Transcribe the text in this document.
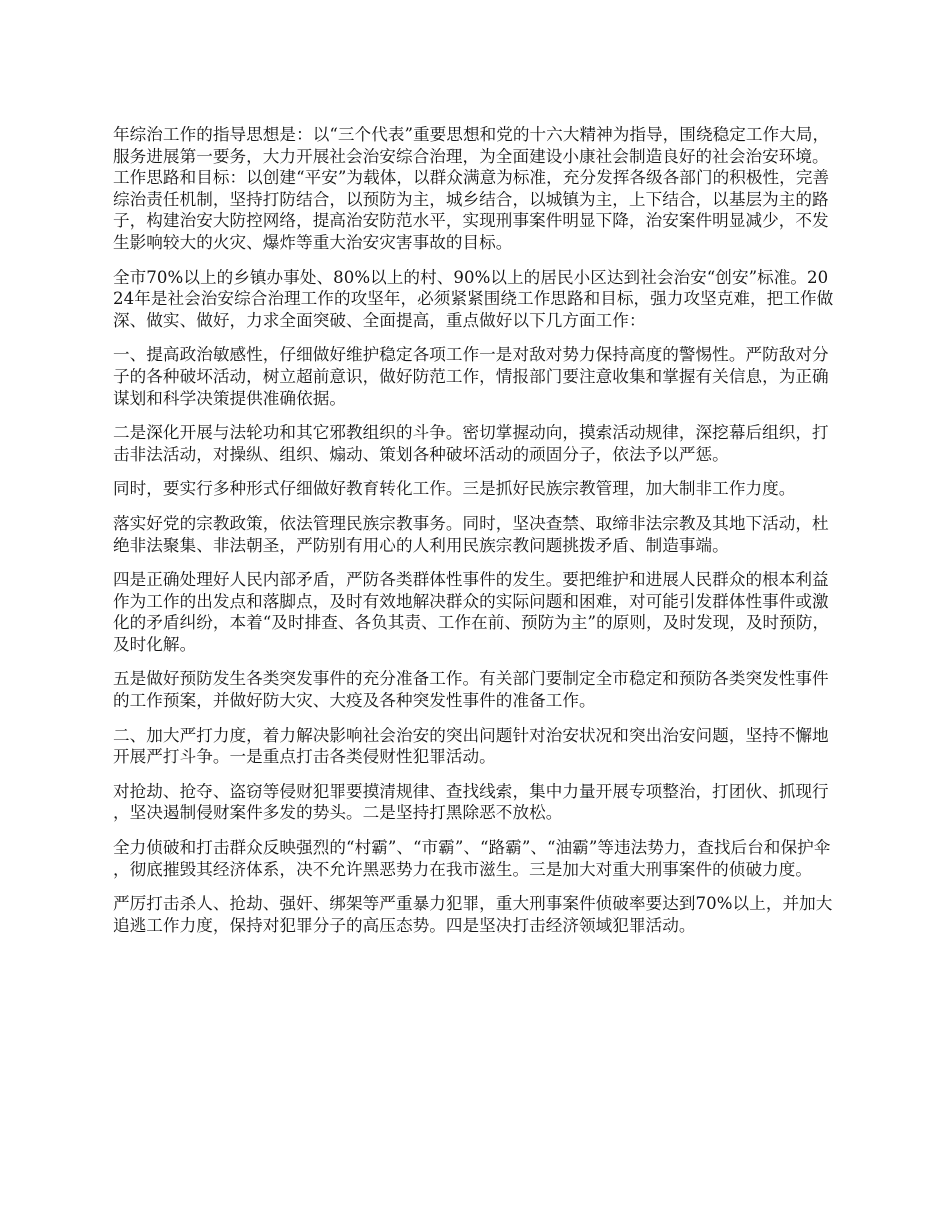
年综治工作的指导思想是：以“三个代表”重要思想和党的十六大精神为指导，围绕稳定工作大局，服务进展第一要务，大力开展社会治安综合治理，为全面建设小康社会制造良好的社会治安环境。工作思路和目标：以创建“平安”为载体，以群众满意为标准，充分发挥各级各部门的积极性，完善综治责任机制，坚持打防结合，以预防为主，城乡结合，以城镇为主，上下结合，以基层为主的路子，构建治安大防控网络，提高治安防范水平，实现刑事案件明显下降，治安案件明显减少，不发生影响较大的火灾、爆炸等重大治安灾害事故的目标。

全市70%以上的乡镇办事处、80%以上的村、90%以上的居民小区达到社会治安“创安”标准。2024年是社会治安综合治理工作的攻坚年，必须紧紧围绕工作思路和目标，强力攻坚克难，把工作做深、做实、做好，力求全面突破、全面提高，重点做好以下几方面工作：

一、提高政治敏感性，仔细做好维护稳定各项工作一是对敌对势力保持高度的警惕性。严防敌对分子的各种破坏活动，树立超前意识，做好防范工作，情报部门要注意收集和掌握有关信息，为正确谋划和科学决策提供准确依据。

二是深化开展与法轮功和其它邪教组织的斗争。密切掌握动向，摸索活动规律，深挖幕后组织，打击非法活动，对操纵、组织、煽动、策划各种破坏活动的顽固分子，依法予以严惩。

同时，要实行多种形式仔细做好教育转化工作。三是抓好民族宗教管理，加大制非工作力度。

落实好党的宗教政策，依法管理民族宗教事务。同时，坚决查禁、取缔非法宗教及其地下活动，杜绝非法聚集、非法朝圣，严防别有用心的人利用民族宗教问题挑拨矛盾、制造事端。

四是正确处理好人民内部矛盾，严防各类群体性事件的发生。要把维护和进展人民群众的根本利益作为工作的出发点和落脚点，及时有效地解决群众的实际问题和困难，对可能引发群体性事件或激化的矛盾纠纷，本着“及时排查、各负其责、工作在前、预防为主”的原则，及时发现，及时预防，及时化解。

五是做好预防发生各类突发事件的充分准备工作。有关部门要制定全市稳定和预防各类突发性事件的工作预案，并做好防大灾、大疫及各种突发性事件的准备工作。

二、加大严打力度，着力解决影响社会治安的突出问题针对治安状况和突出治安问题，坚持不懈地开展严打斗争。一是重点打击各类侵财性犯罪活动。

对抢劫、抢夺、盗窃等侵财犯罪要摸清规律、查找线索，集中力量开展专项整治，打团伙、抓现行，坚决遏制侵财案件多发的势头。二是坚持打黑除恶不放松。

全力侦破和打击群众反映强烈的“村霸”、“市霸”、“路霸”、“油霸”等违法势力，查找后台和保护伞，彻底摧毁其经济体系，决不允许黑恶势力在我市滋生。三是加大对重大刑事案件的侦破力度。

严厉打击杀人、抢劫、强奸、绑架等严重暴力犯罪，重大刑事案件侦破率要达到70%以上，并加大追逃工作力度，保持对犯罪分子的高压态势。四是坚决打击经济领域犯罪活动。
